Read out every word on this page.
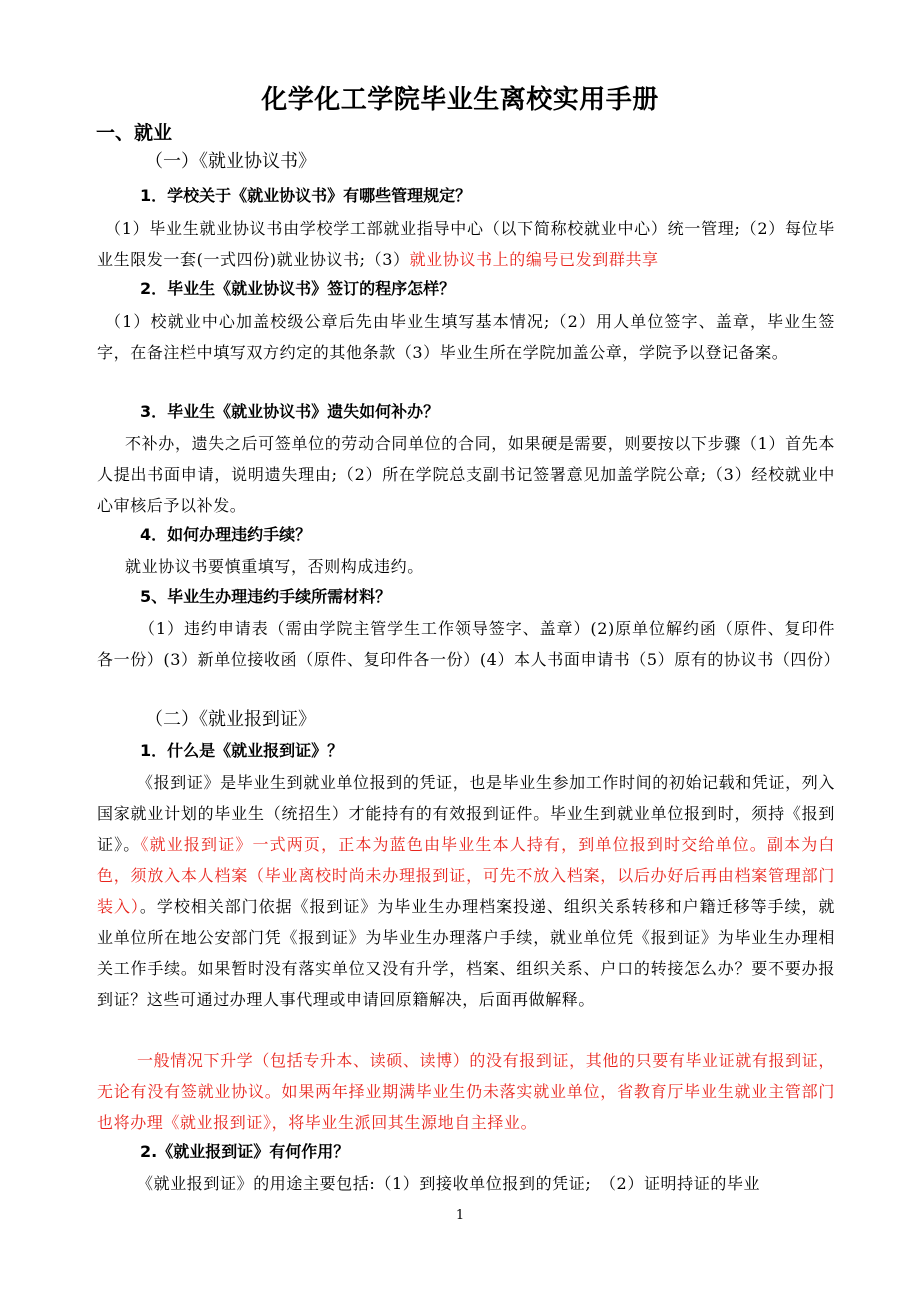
化学化工学院毕业生离校实用手册
一、就业
（一）《就业协议书》
1．学校关于《就业协议书》有哪些管理规定？
（1）毕业生就业协议书由学校学工部就业指导中心（以下简称校就业中心）统一管理;（2）每位毕业生限发一套(一式四份)就业协议书;（3）就业协议书上的编号已发到群共享
2．毕业生《就业协议书》签订的程序怎样？
（1）校就业中心加盖校级公章后先由毕业生填写基本情况;（2）用人单位签字、盖章，毕业生签字，在备注栏中填写双方约定的其他条款（3）毕业生所在学院加盖公章，学院予以登记备案。
3．毕业生《就业协议书》遗失如何补办？
不补办，遗失之后可签单位的劳动合同单位的合同，如果硬是需要，则要按以下步骤（1）首先本人提出书面申请，说明遗失理由;（2）所在学院总支副书记签署意见加盖学院公章;（3）经校就业中心审核后予以补发。
4．如何办理违约手续？
就业协议书要慎重填写，否则构成违约。
5、毕业生办理违约手续所需材料？
（1）违约申请表（需由学院主管学生工作领导签字、盖章）(2)原单位解约函（原件、复印件各一份）(3）新单位接收函（原件、复印件各一份）(4）本人书面申请书（5）原有的协议书（四份）
（二）《就业报到证》
1．什么是《就业报到证》？
《报到证》是毕业生到就业单位报到的凭证，也是毕业生参加工作时间的初始记载和凭证，列入国家就业计划的毕业生（统招生）才能持有的有效报到证件。毕业生到就业单位报到时，须持《报到证》。《就业报到证》一式两页，正本为蓝色由毕业生本人持有，到单位报到时交给单位。副本为白色，须放入本人档案（毕业离校时尚未办理报到证，可先不放入档案，以后办好后再由档案管理部门装入）。学校相关部门依据《报到证》为毕业生办理档案投递、组织关系转移和户籍迁移等手续，就业单位所在地公安部门凭《报到证》为毕业生办理落户手续，就业单位凭《报到证》为毕业生办理相关工作手续。如果暂时没有落实单位又没有升学，档案、组织关系、户口的转接怎么办？要不要办报到证？这些可通过办理人事代理或申请回原籍解决，后面再做解释。
一般情况下升学（包括专升本、读硕、读博）的没有报到证，其他的只要有毕业证就有报到证，无论有没有签就业协议。如果两年择业期满毕业生仍未落实就业单位，省教育厅毕业生就业主管部门也将办理《就业报到证》，将毕业生派回其生源地自主择业。
2.《就业报到证》有何作用？
《就业报到证》的用途主要包括:（1）到接收单位报到的凭证;　（2）证明持证的毕业
1
